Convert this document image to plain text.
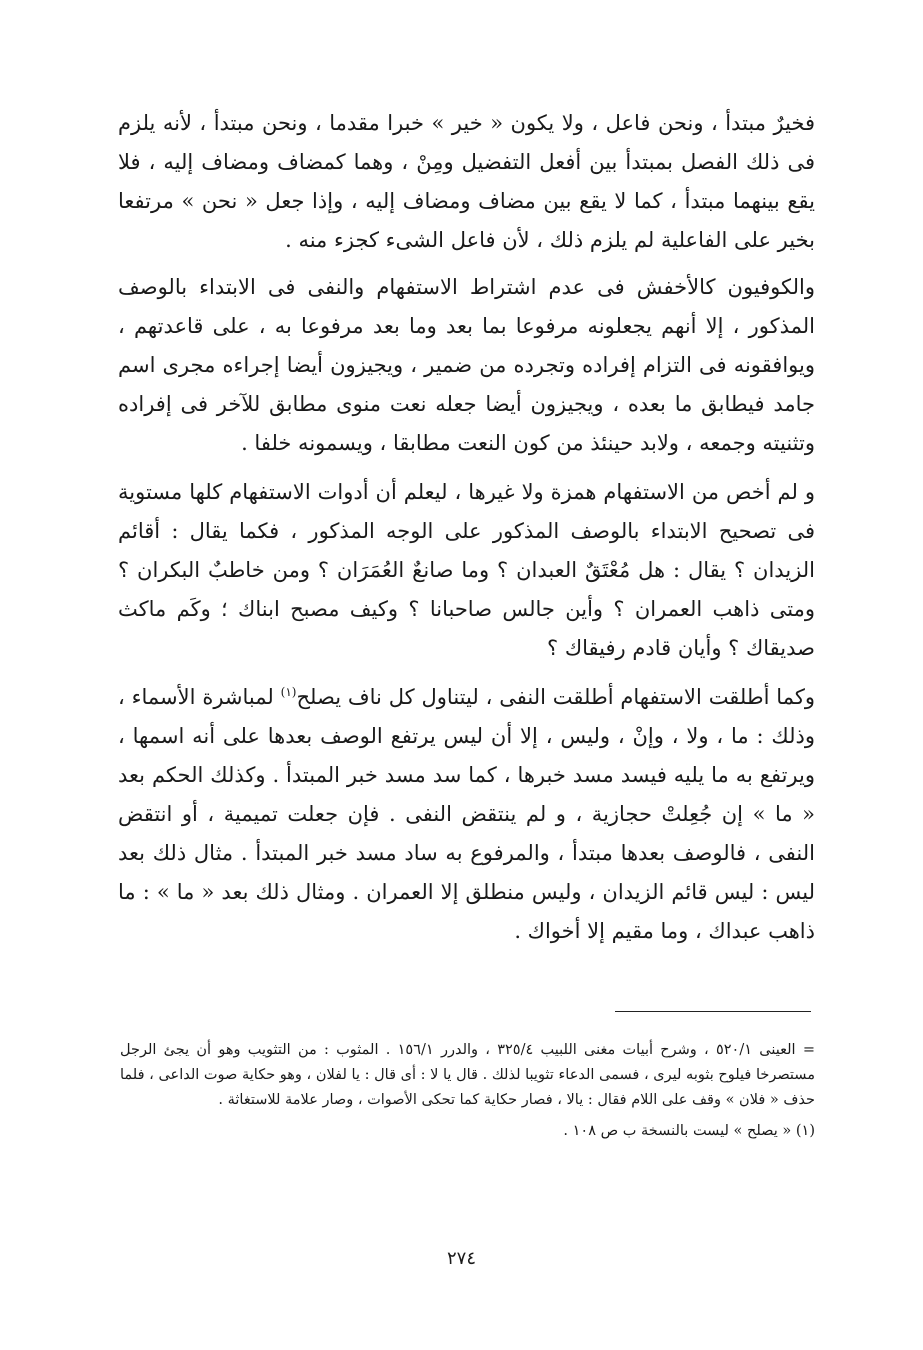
فخيرٌ مبتدأ ، ونحن فاعل ، ولا يكون « خير » خبرا مقدما ، ونحن مبتدأ ، لأنه يلزم فى ذلك الفصل بمبتدأ بين أفعل التفضيل ومِنْ ، وهما كمضاف ومضاف إليه ، فلا يقع بينهما مبتدأ ، كما لا يقع بين مضاف ومضاف إليه ، وإذا جعل « نحن » مرتفعا بخير على الفاعلية لم يلزم ذلك ، لأن فاعل الشىء كجزء منه .

والكوفيون كالأخفش فى عدم اشتراط الاستفهام والنفى فى الابتداء بالوصف المذكور ، إلا أنهم يجعلونه مرفوعا بما بعد وما بعد مرفوعا به ، على قاعدتهم ، ويوافقونه فى التزام إفراده وتجرده من ضمير ، ويجيزون أيضا إجراءه مجرى اسم جامد فيطابق ما بعده ، ويجيزون أيضا جعله نعت منوى مطابق للآخر فى إفراده وتثنيته وجمعه ، ولابد حينئذ من كون النعت مطابقا ، ويسمونه خلفا .

و لم أخص من الاستفهام همزة ولا غيرها ، ليعلم أن أدوات الاستفهام كلها مستوية فى تصحيح الابتداء بالوصف المذكور على الوجه المذكور ، فكما يقال : أقائم الزيدان ؟ يقال : هل مُعْتَقٌ العبدان ؟ وما صانعٌ العُمَرَان ؟ ومن خاطبٌ البكران ؟ ومتى ذاهب العمران ؟ وأين جالس صاحبانا ؟ وكيف مصبح ابناك ؛ وكَم ماكث صديقاك ؟ وأيان قادم رفيقاك ؟

وكما أطلقت الاستفهام أطلقت النفى ، ليتناول كل ناف يصلح$^{(١)}$ لمباشرة الأسماء ، وذلك : ما ، ولا ، وإنْ ، وليس ، إلا أن ليس يرتفع الوصف بعدها على أنه اسمها ، ويرتفع به ما يليه فيسد مسد خبرها ، كما سد مسد خبر المبتدأ . وكذلك الحكم بعد « ما » إن جُعِلتْ حجازية ، و لم ينتقض النفى . فإن جعلت تميمية ، أو انتقض النفى ، فالوصف بعدها مبتدأ ، والمرفوع به ساد مسد خبر المبتدأ . مثال ذلك بعد ليس : ليس قائم الزيدان ، وليس منطلق إلا العمران . ومثال ذلك بعد « ما » : ما ذاهب عبداك ، وما مقيم إلا أخواك .

= العينى ٥٢٠/١ ، وشرح أبيات مغنى اللبيب ٣٢٥/٤ ، والدرر ١٥٦/١ . المثوب : من التثويب وهو أن يجئ الرجل مستصرخا فيلوح بثوبه ليرى ، فسمى الدعاء تثويبا لذلك . قال يا لا : أى قال : يا لفلان ، وهو حكاية صوت الداعى ، فلما حذف « فلان » وقف على اللام فقال : يالا ، فصار حكاية كما تحكى الأصوات ، وصار علامة للاستغاثة .

(١) « يصلح » ليست بالنسخة ب ص ١٠٨ .

٢٧٤
